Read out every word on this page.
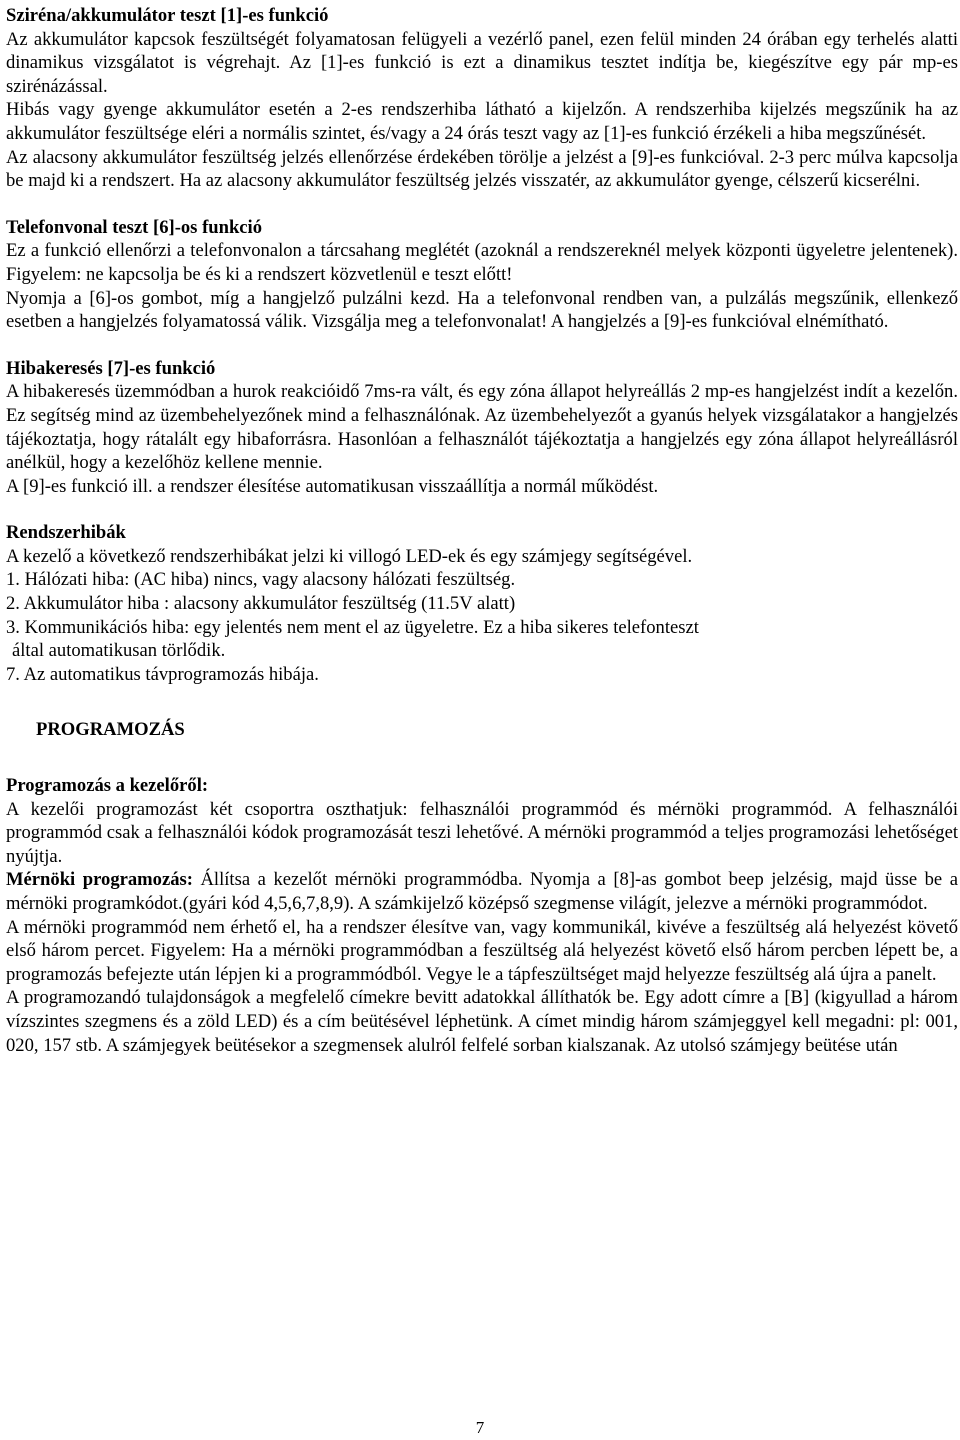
Sziréna/akkumulátor teszt [1]-es funkció

Az akkumulátor kapcsok feszültségét folyamatosan felügyeli a vezérlő panel, ezen felül minden 24 órában egy terhelés alatti dinamikus vizsgálatot is végrehajt. Az [1]-es funkció is ezt a dinamikus tesztet indítja be, kiegészítve egy pár mp-es szirénázással.

Hibás vagy gyenge akkumulátor esetén a 2-es rendszerhiba látható a kijelzőn. A rendszerhiba kijelzés megszűnik ha az akkumulátor feszültsége eléri a normális szintet, és/vagy a 24 órás teszt vagy az [1]-es funkció érzékeli a hiba megszűnését.

Az alacsony akkumulátor feszültség jelzés ellenőrzése érdekében törölje a jelzést a [9]-es funkcióval. 2-3 perc múlva kapcsolja be majd ki a rendszert. Ha az alacsony akkumulátor feszültség jelzés visszatér, az akkumulátor gyenge, célszerű kicserélni.

Telefonvonal teszt [6]-os funkció

Ez a funkció ellenőrzi a telefonvonalon a tárcsahang meglétét (azoknál a rendszereknél melyek központi ügyeletre jelentenek). Figyelem: ne kapcsolja be és ki a rendszert közvetlenül e teszt előtt!

Nyomja a [6]-os gombot, míg a hangjelző pulzálni kezd. Ha a telefonvonal rendben van, a pulzálás megszűnik, ellenkező esetben a hangjelzés folyamatossá válik. Vizsgálja meg a telefonvonalat! A hangjelzés a [9]-es funkcióval elnémítható.

Hibakeresés [7]-es funkció

A hibakeresés üzemmódban a hurok reakcióidő 7ms-ra vált, és egy zóna állapot helyreállás 2 mp-es hangjelzést indít a kezelőn. Ez segítség mind az üzembehelyezőnek mind a felhasználónak. Az üzembehelyezőt a gyanús helyek vizsgálatakor a hangjelzés tájékoztatja, hogy rátalált egy hibaforrásra. Hasonlóan a felhasználót tájékoztatja a hangjelzés egy zóna állapot helyreállásról anélkül, hogy a kezelőhöz kellene mennie.

A [9]-es funkció ill. a rendszer élesítése automatikusan visszaállítja a normál működést.

Rendszerhibák

A kezelő a következő rendszerhibákat jelzi ki villogó LED-ek és egy számjegy segítségével.

1. Hálózati hiba: (AC hiba) nincs, vagy alacsony hálózati feszültség.

2. Akkumulátor hiba : alacsony akkumulátor feszültség (11.5V alatt)

3. Kommunikációs hiba: egy jelentés nem ment el az ügyeletre. Ez a hiba sikeres telefonteszt

által automatikusan törlődik.

7. Az automatikus távprogramozás hibája.

PROGRAMOZÁS

Programozás a kezelőről:

A kezelői programozást két csoportra oszthatjuk: felhasználói programmód és mérnöki programmód. A felhasználói programmód csak a felhasználói kódok programozását teszi lehetővé. A mérnöki programmód a teljes programozási lehetőséget nyújtja.

Mérnöki programozás: Állítsa a kezelőt mérnöki programmódba. Nyomja a [8]-as gombot beep jelzésig, majd üsse be a mérnöki programkódot.(gyári kód 4,5,6,7,8,9). A számkijelző középső szegmense világít, jelezve a mérnöki programmódot.

A mérnöki programmód nem érhető el, ha a rendszer élesítve van, vagy kommunikál, kivéve a feszültség alá helyezést követő első három percet. Figyelem: Ha a mérnöki programmódban a feszültség alá helyezést követő első három percben lépett be, a programozás befejezte után lépjen ki a programmódból. Vegye le a tápfeszültséget majd helyezze feszültség alá újra a panelt.

A programozandó tulajdonságok a megfelelő címekre bevitt adatokkal állíthatók be. Egy adott címre a [B] (kigyullad a három vízszintes szegmens és a zöld LED) és a cím beütésével léphetünk. A címet mindig három számjeggyel kell megadni: pl: 001, 020, 157 stb. A számjegyek beütésekor a szegmensek alulról felfelé sorban kialszanak. Az utolsó számjegy beütése után

7
